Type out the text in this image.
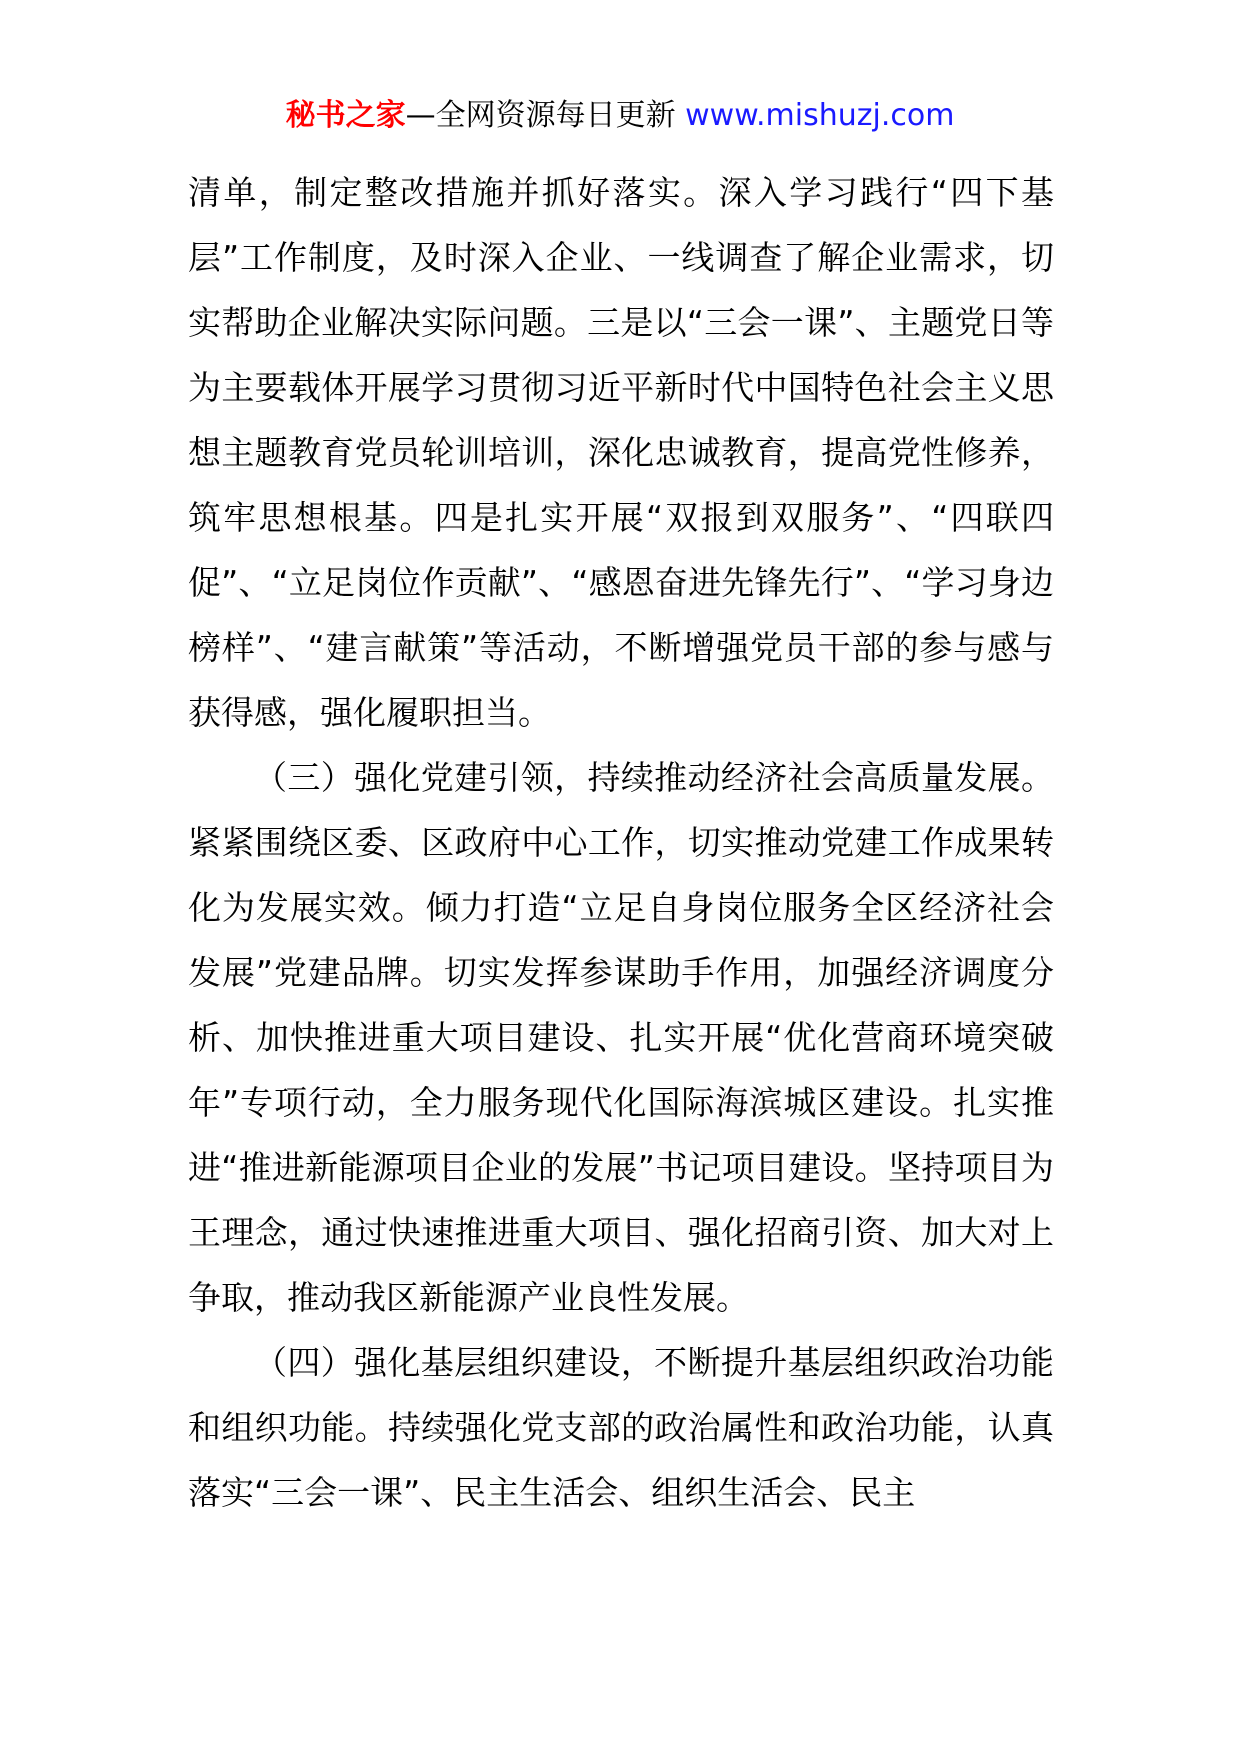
秘书之家—全网资源每日更新 www.mishuzj.com

清单，制定整改措施并抓好落实。深入学习践行“四下基层”工作制度，及时深入企业、一线调查了解企业需求，切实帮助企业解决实际问题。三是以“三会一课”、主题党日等为主要载体开展学习贯彻习近平新时代中国特色社会主义思想主题教育党员轮训培训，深化忠诚教育，提高党性修养，筑牢思想根基。四是扎实开展“双报到双服务”、“四联四促”、“立足岗位作贡献”、“感恩奋进先锋先行”、“学习身边榜样”、“建言献策”等活动，不断增强党员干部的参与感与获得感，强化履职担当。

（三）强化党建引领，持续推动经济社会高质量发展。紧紧围绕区委、区政府中心工作，切实推动党建工作成果转化为发展实效。倾力打造“立足自身岗位服务全区经济社会发展”党建品牌。切实发挥参谋助手作用，加强经济调度分析、加快推进重大项目建设、扎实开展“优化营商环境突破年”专项行动，全力服务现代化国际海滨城区建设。扎实推进“推进新能源项目企业的发展”书记项目建设。坚持项目为王理念，通过快速推进重大项目、强化招商引资、加大对上争取，推动我区新能源产业良性发展。

（四）强化基层组织建设，不断提升基层组织政治功能和组织功能。持续强化党支部的政治属性和政治功能，认真落实“三会一课”、民主生活会、组织生活会、民主
